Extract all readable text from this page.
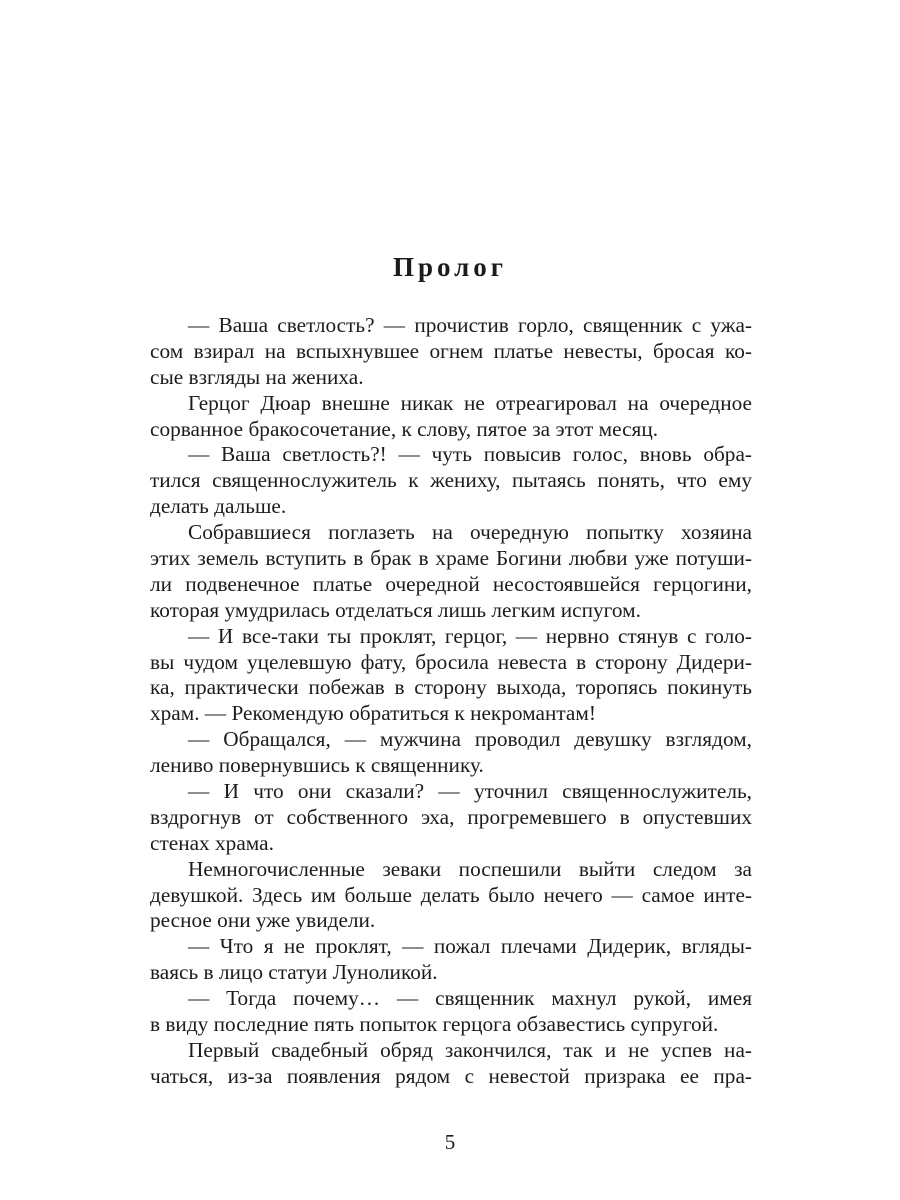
Пролог
— Ваша светлость? — прочистив горло, священник с ужа-
сом взирал на вспыхнувшее огнем платье невесты, бросая ко-
сые взгляды на жениха.
Герцог Дюар внешне никак не отреагировал на очередное
сорванное бракосочетание, к слову, пятое за этот месяц.
— Ваша светлость?! — чуть повысив голос, вновь обра-
тился священнослужитель к жениху, пытаясь понять, что ему
делать дальше.
Собравшиеся поглазеть на очередную попытку хозяина
этих земель вступить в брак в храме Богини любви уже потуши-
ли подвенечное платье очередной несостоявшейся герцогини,
которая умудрилась отделаться лишь легким испугом.
— И все-таки ты проклят, герцог, — нервно стянув с голо-
вы чудом уцелевшую фату, бросила невеста в сторону Дидери-
ка, практически побежав в сторону выхода, торопясь покинуть
храм. — Рекомендую обратиться к некромантам!
— Обращался, — мужчина проводил девушку взглядом,
лениво повернувшись к священнику.
— И что они сказали? — уточнил священнослужитель,
вздрогнув от собственного эха, прогремевшего в опустевших
стенах храма.
Немногочисленные зеваки поспешили выйти следом за
девушкой. Здесь им больше делать было нечего — самое инте-
ресное они уже увидели.
— Что я не проклят, — пожал плечами Дидерик, вгляды-
ваясь в лицо статуи Луноликой.
— Тогда почему… — священник махнул рукой, имея
в виду последние пять попыток герцога обзавестись супругой.
Первый свадебный обряд закончился, так и не успев на-
чаться, из-за появления рядом с невестой призрака ее пра-
5
